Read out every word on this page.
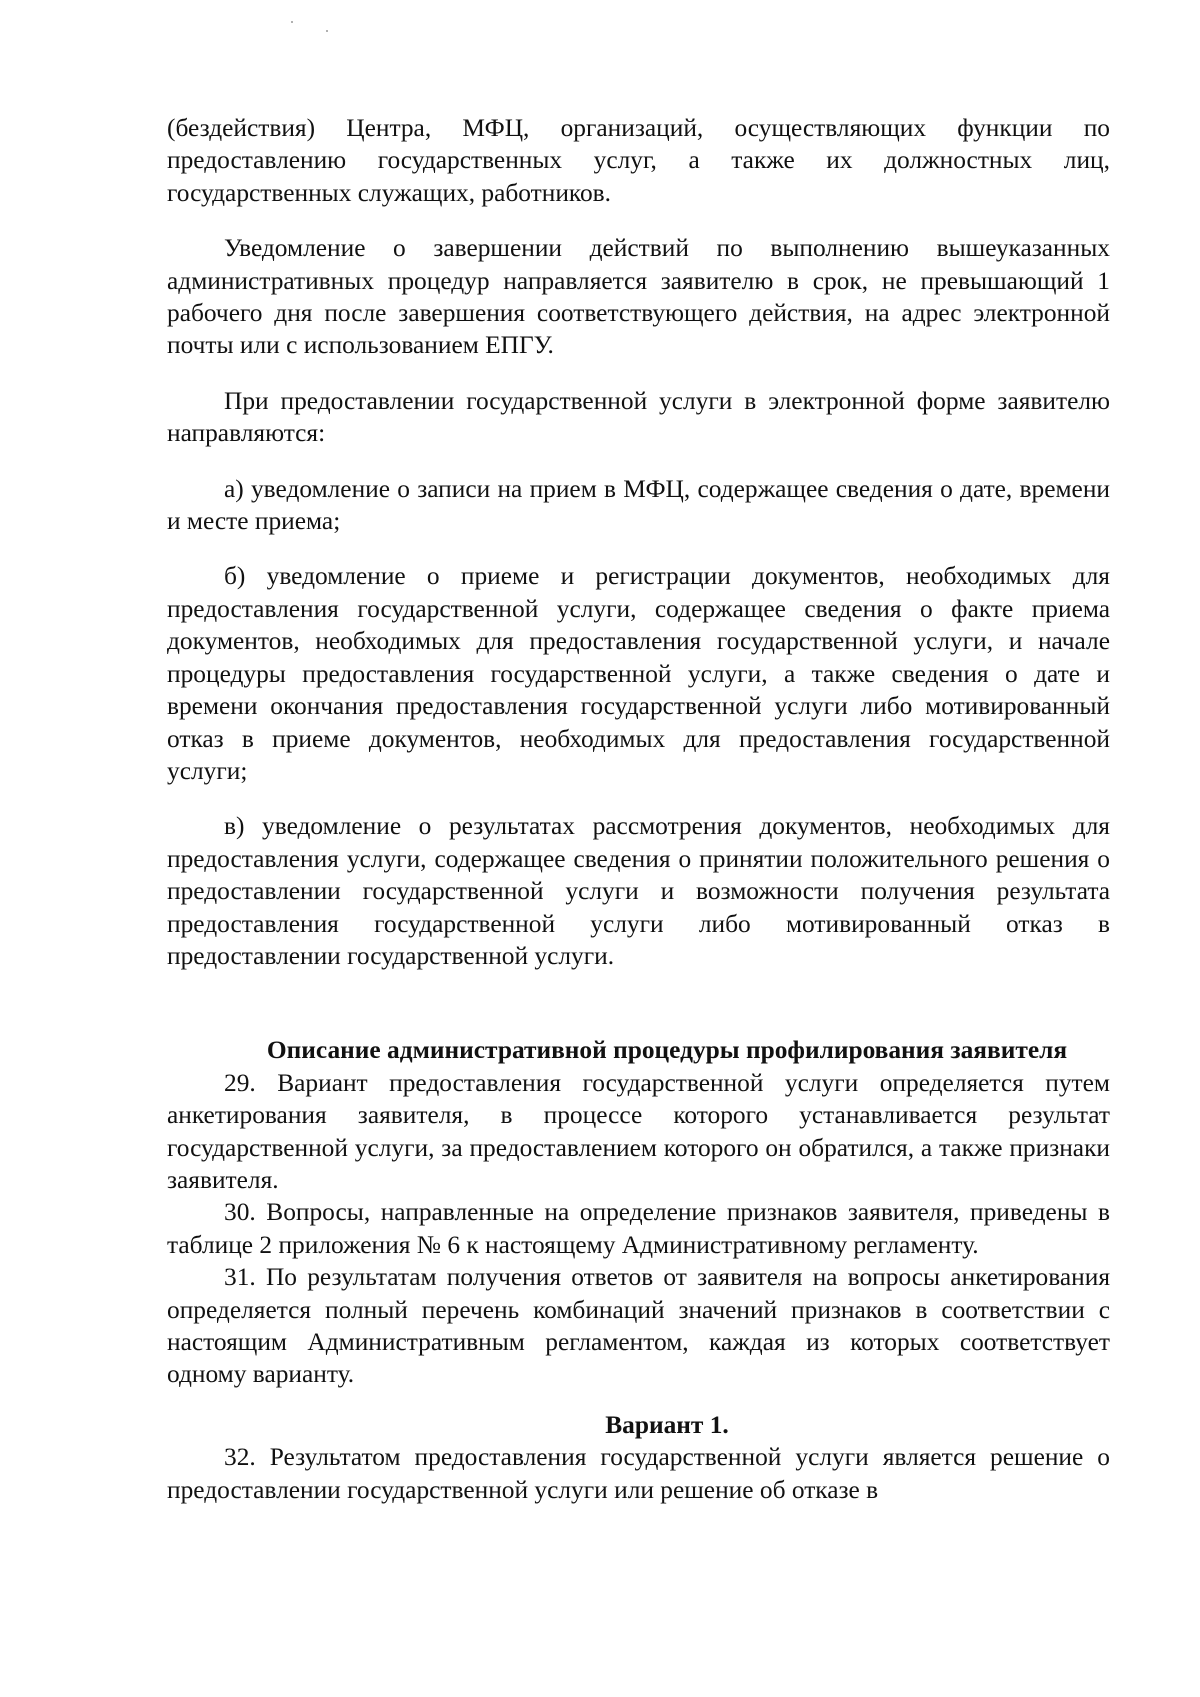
(бездействия) Центра, МФЦ, организаций, осуществляющих функции по предоставлению государственных услуг, а также их должностных лиц, государственных служащих, работников.

Уведомление о завершении действий по выполнению вышеуказанных административных процедур направляется заявителю в срок, не превышающий 1 рабочего дня после завершения соответствующего действия, на адрес электронной почты или с использованием ЕПГУ.

При предоставлении государственной услуги в электронной форме заявителю направляются:

а) уведомление о записи на прием в МФЦ, содержащее сведения о дате, времени и месте приема;

б) уведомление о приеме и регистрации документов, необходимых для предоставления государственной услуги, содержащее сведения о факте приема документов, необходимых для предоставления государственной услуги, и начале процедуры предоставления государственной услуги, а также сведения о дате и времени окончания предоставления государственной услуги либо мотивированный отказ в приеме документов, необходимых для предоставления государственной услуги;

в) уведомление о результатах рассмотрения документов, необходимых для предоставления услуги, содержащее сведения о принятии положительного решения о предоставлении государственной услуги и возможности получения результата предоставления государственной услуги либо мотивированный отказ в предоставлении государственной услуги.

Описание административной процедуры профилирования заявителя

29. Вариант предоставления государственной услуги определяется путем анкетирования заявителя, в процессе которого устанавливается результат государственной услуги, за предоставлением которого он обратился, а также признаки заявителя.

30. Вопросы, направленные на определение признаков заявителя, приведены в таблице 2 приложения № 6 к настоящему Административному регламенту.

31. По результатам получения ответов от заявителя на вопросы анкетирования определяется полный перечень комбинаций значений признаков в соответствии с настоящим Административным регламентом, каждая из которых соответствует одному варианту.

Вариант 1.

32. Результатом предоставления государственной услуги является решение о предоставлении государственной услуги или решение об отказе в
